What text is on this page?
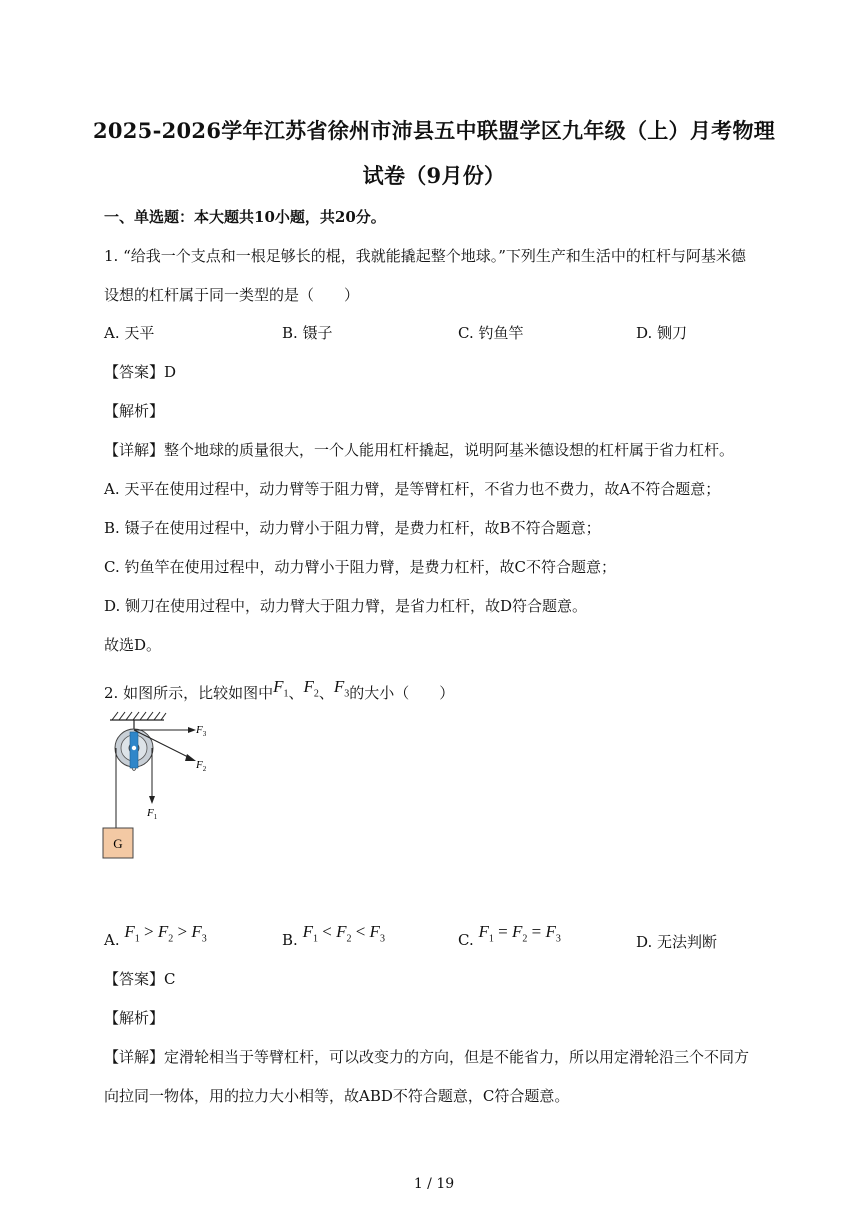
2025-2026学年江苏省徐州市沛县五中联盟学区九年级（上）月考物理
试卷（9月份）
一、单选题：本大题共10小题，共20分。
1. “给我一个支点和一根足够长的棍，我就能撬起整个地球。”下列生产和生活中的杠杆与阿基米德
设想的杠杆属于同一类型的是（　　）
A. 天平	B. 镊子	C. 钓鱼竿	D. 铡刀
【答案】D
【解析】
【详解】整个地球的质量很大，一个人能用杠杆撬起，说明阿基米德设想的杠杆属于省力杠杆。
A. 天平在使用过程中，动力臂等于阻力臂，是等臂杠杆，不省力也不费力，故A不符合题意；
B. 镊子在使用过程中，动力臂小于阻力臂，是费力杠杆，故B不符合题意；
C. 钓鱼竿在使用过程中，动力臂小于阻力臂，是费力杠杆，故C不符合题意；
D. 铡刀在使用过程中，动力臂大于阻力臂，是省力杠杆，故D符合题意。
故选D。
2. 如图所示，比较如图中$F_1$、$F_2$、$F_3$的大小（　　）
$F_3$
$F_2$
$F_1$
G
A. $F_1 > F_2 > F_3$	B. $F_1 < F_2 < F_3$	C. $F_1 = F_2 = F_3$	D. 无法判断
【答案】C
【解析】
【详解】定滑轮相当于等臂杠杆，可以改变力的方向，但是不能省力，所以用定滑轮沿三个不同方
向拉同一物体，用的拉力大小相等，故ABD不符合题意，C符合题意。
1 / 19
